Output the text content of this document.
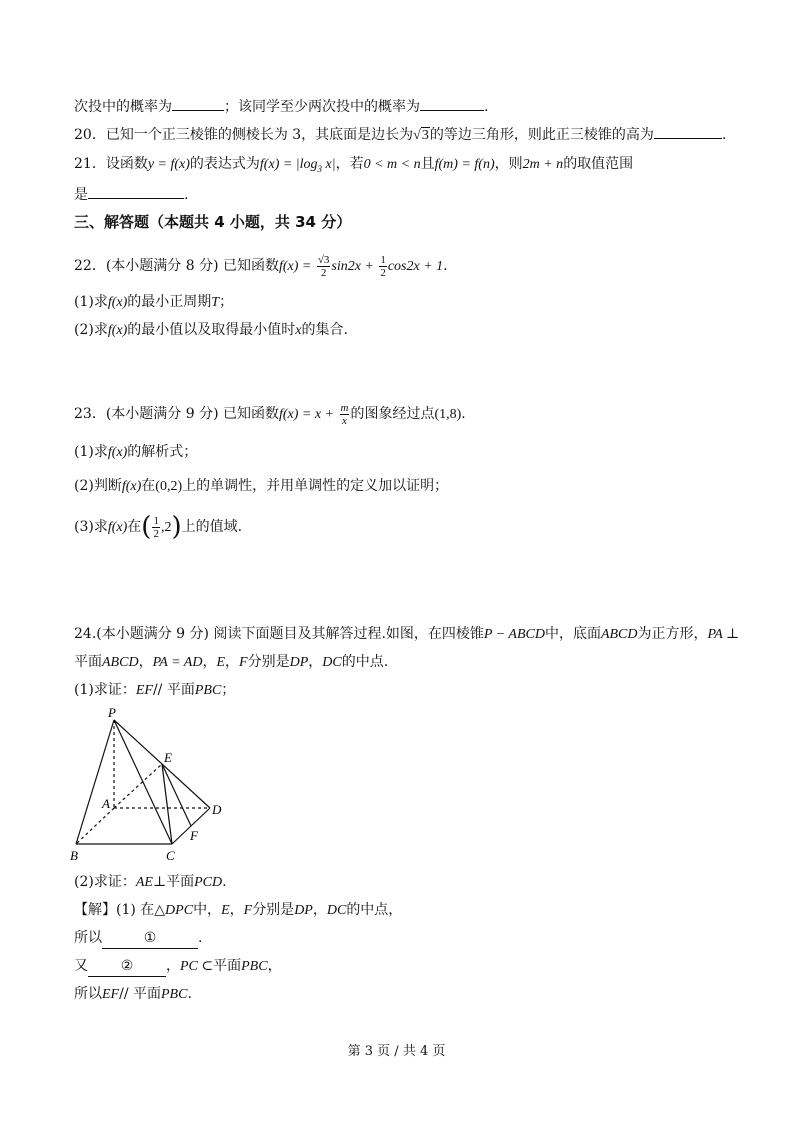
次投中的概率为	；该同学至少两次投中的概率为	.
20．已知一个正三棱锥的侧棱长为 3，其底面是边长为√3的等边三角形，则此正三棱锥的高为	.
21．设函数y = f(x)的表达式为$f(x) = |\log_3$ x|，若0 < m < n且f(m) = f(n)，则2m + n的取值范围
是	.
三、解答题（本题共 4 小题，共 34 分）
22．(本小题满分 8 分) 已知函数$f(x) = \frac{√3}{2} \sin 2x + \frac{1}{2} \cos 2x + 1$.
(1)求f(x)的最小正周期T；
(2)求f(x)的最小值以及取得最小值时x的集合.
23．(本小题满分 9 分) 已知函数$f(x) = x + \frac{m}{x}$ 的图象经过点(1,8).
(1)求f(x)的解析式；
(2)判断f(x)在(0,2)上的单调性，并用单调性的定义加以证明；
(3)求f(x)在( $\frac{1}{2} ,2$)上的值域.
24.(本小题满分 9 分) 阅读下面题目及其解答过程.如图，在四棱锥P − ABCD中，底面ABCD为正方形，PA ⊥
平面ABCD，PA = AD，E，F分别是DP，DC的中点.
(1)求证：EF// 平面PBC；
P
E
A	D
F
B	C
(2)求证：AE⊥平面PCD.
【解】(1) 在△DPC中，E，F分别是DP，DC的中点，
所以	①	.
又 ② ，PC ⊂平面PBC，
所以EF// 平面PBC.
第 3 页 / 共 4 页
